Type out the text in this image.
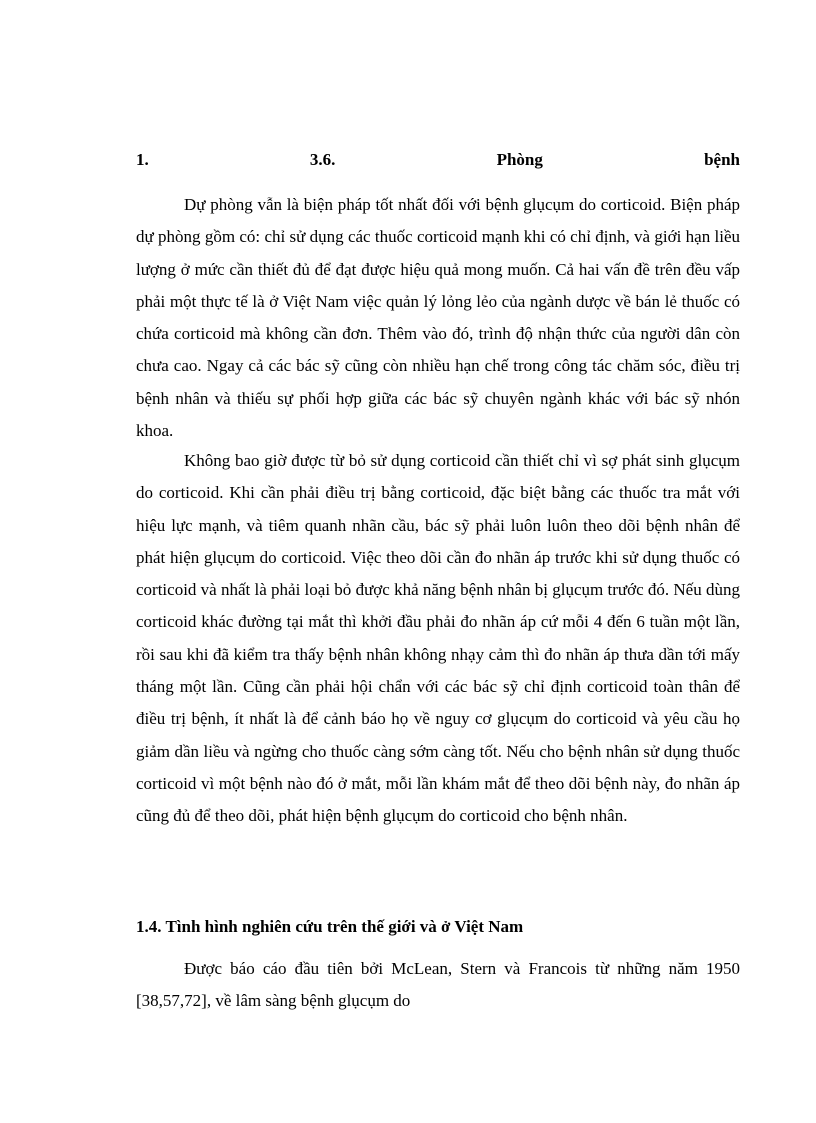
1.	3.6.	Phòng	bệnh

Dự phòng vẫn là biện pháp tốt nhất đối với bệnh glụcụm do corticoid. Biện pháp dự phòng gồm có: chỉ sử dụng các thuốc corticoid mạnh khi có chỉ định, và giới hạn liều lượng ở mức cần thiết đủ để đạt được hiệu quả mong muốn. Cả hai vấn đề trên đều vấp phải một thực tế là ở Việt Nam việc quản lý lỏng lẻo của ngành dược về bán lẻ thuốc có chứa corticoid mà không cần đơn. Thêm vào đó, trình độ nhận thức của người dân còn chưa cao. Ngay cả các bác sỹ cũng còn nhiều hạn chế trong công tác chăm sóc, điều trị bệnh nhân và thiếu sự phối hợp giữa các bác sỹ chuyên ngành khác với bác sỹ nhón khoa.

Không bao giờ được từ bỏ sử dụng corticoid cần thiết chỉ vì sợ phát sinh glụcụm do corticoid. Khi cần phải điều trị bằng corticoid, đặc biệt bằng các thuốc tra mắt với hiệu lực mạnh, và tiêm quanh nhãn cầu, bác sỹ phải luôn luôn theo dõi bệnh nhân để phát hiện glụcụm do corticoid. Việc theo dõi cần đo nhãn áp trước khi sử dụng thuốc có corticoid và nhất là phải loại bỏ được khả năng bệnh nhân bị glụcụm trước đó. Nếu dùng corticoid khác đường tại mắt thì khởi đầu phải đo nhãn áp cứ mỗi 4 đến 6 tuần một lần, rồi sau khi đã kiểm tra thấy bệnh nhân không nhạy cảm thì đo nhãn áp thưa dần tới mấy tháng một lần. Cũng cần phải hội chẩn với các bác sỹ chỉ định corticoid toàn thân để điều trị bệnh, ít nhất là để cảnh báo họ về nguy cơ glụcụm do corticoid và yêu cầu họ giảm dần liều và ngừng cho thuốc càng sớm càng tốt. Nếu cho bệnh nhân sử dụng thuốc corticoid vì một bệnh nào đó ở mắt, mỗi lần khám mắt để theo dõi bệnh này, đo nhãn áp cũng đủ để theo dõi, phát hiện bệnh glụcụm do corticoid cho bệnh nhân.

1.4. Tình hình nghiên cứu trên thế giới và ở Việt Nam

Được báo cáo đầu tiên bởi McLean, Stern và Francois từ những năm 1950 [38,57,72], về lâm sàng bệnh glụcụm do
